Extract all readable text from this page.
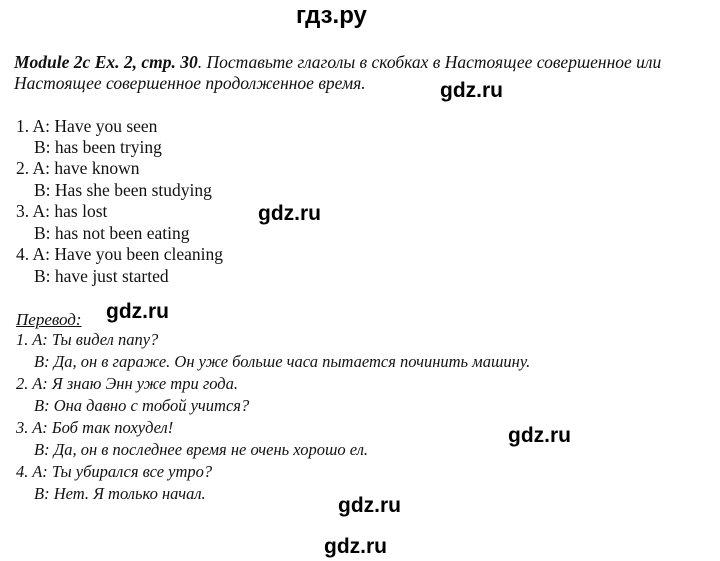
гдз.ру
Module 2c Ex. 2, стр. 30. Поставьте глаголы в скобках в Настоящее совершенное или
Настоящее совершенное продолженное время.	gdz.ru
gdz.ru
gdz.ru
gdz.ru
gdz.ru
gdz.ru
1. A: Have you seen
B: has been trying
2. A: have known
B: Has she been studying
3. A: has lost
B: has not been eating
4. A: Have you been cleaning
B: have just started
Перевод:
1. A: Ты видел папу?
B: Да, он в гараже. Он уже больше часа пытается починить машину.
2. A: Я знаю Энн уже три года.
B: Она давно с тобой учится?
3. A: Боб так похудел!
B: Да, он в последнее время не очень хорошо ел.
4. A: Ты убирался все утро?
B: Нет. Я только начал.
